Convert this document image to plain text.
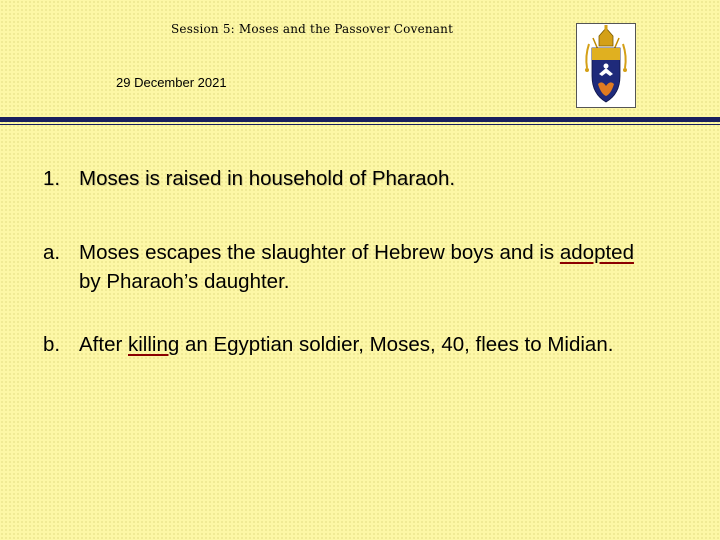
Session 5: Moses and the Passover Covenant
29 December 2021
1. Moses is raised in household of Pharaoh.
a. Moses escapes the slaughter of Hebrew boys and is adopted by Pharaoh’s daughter.
b. After killing an Egyptian soldier, Moses, 40, flees to Midian.
